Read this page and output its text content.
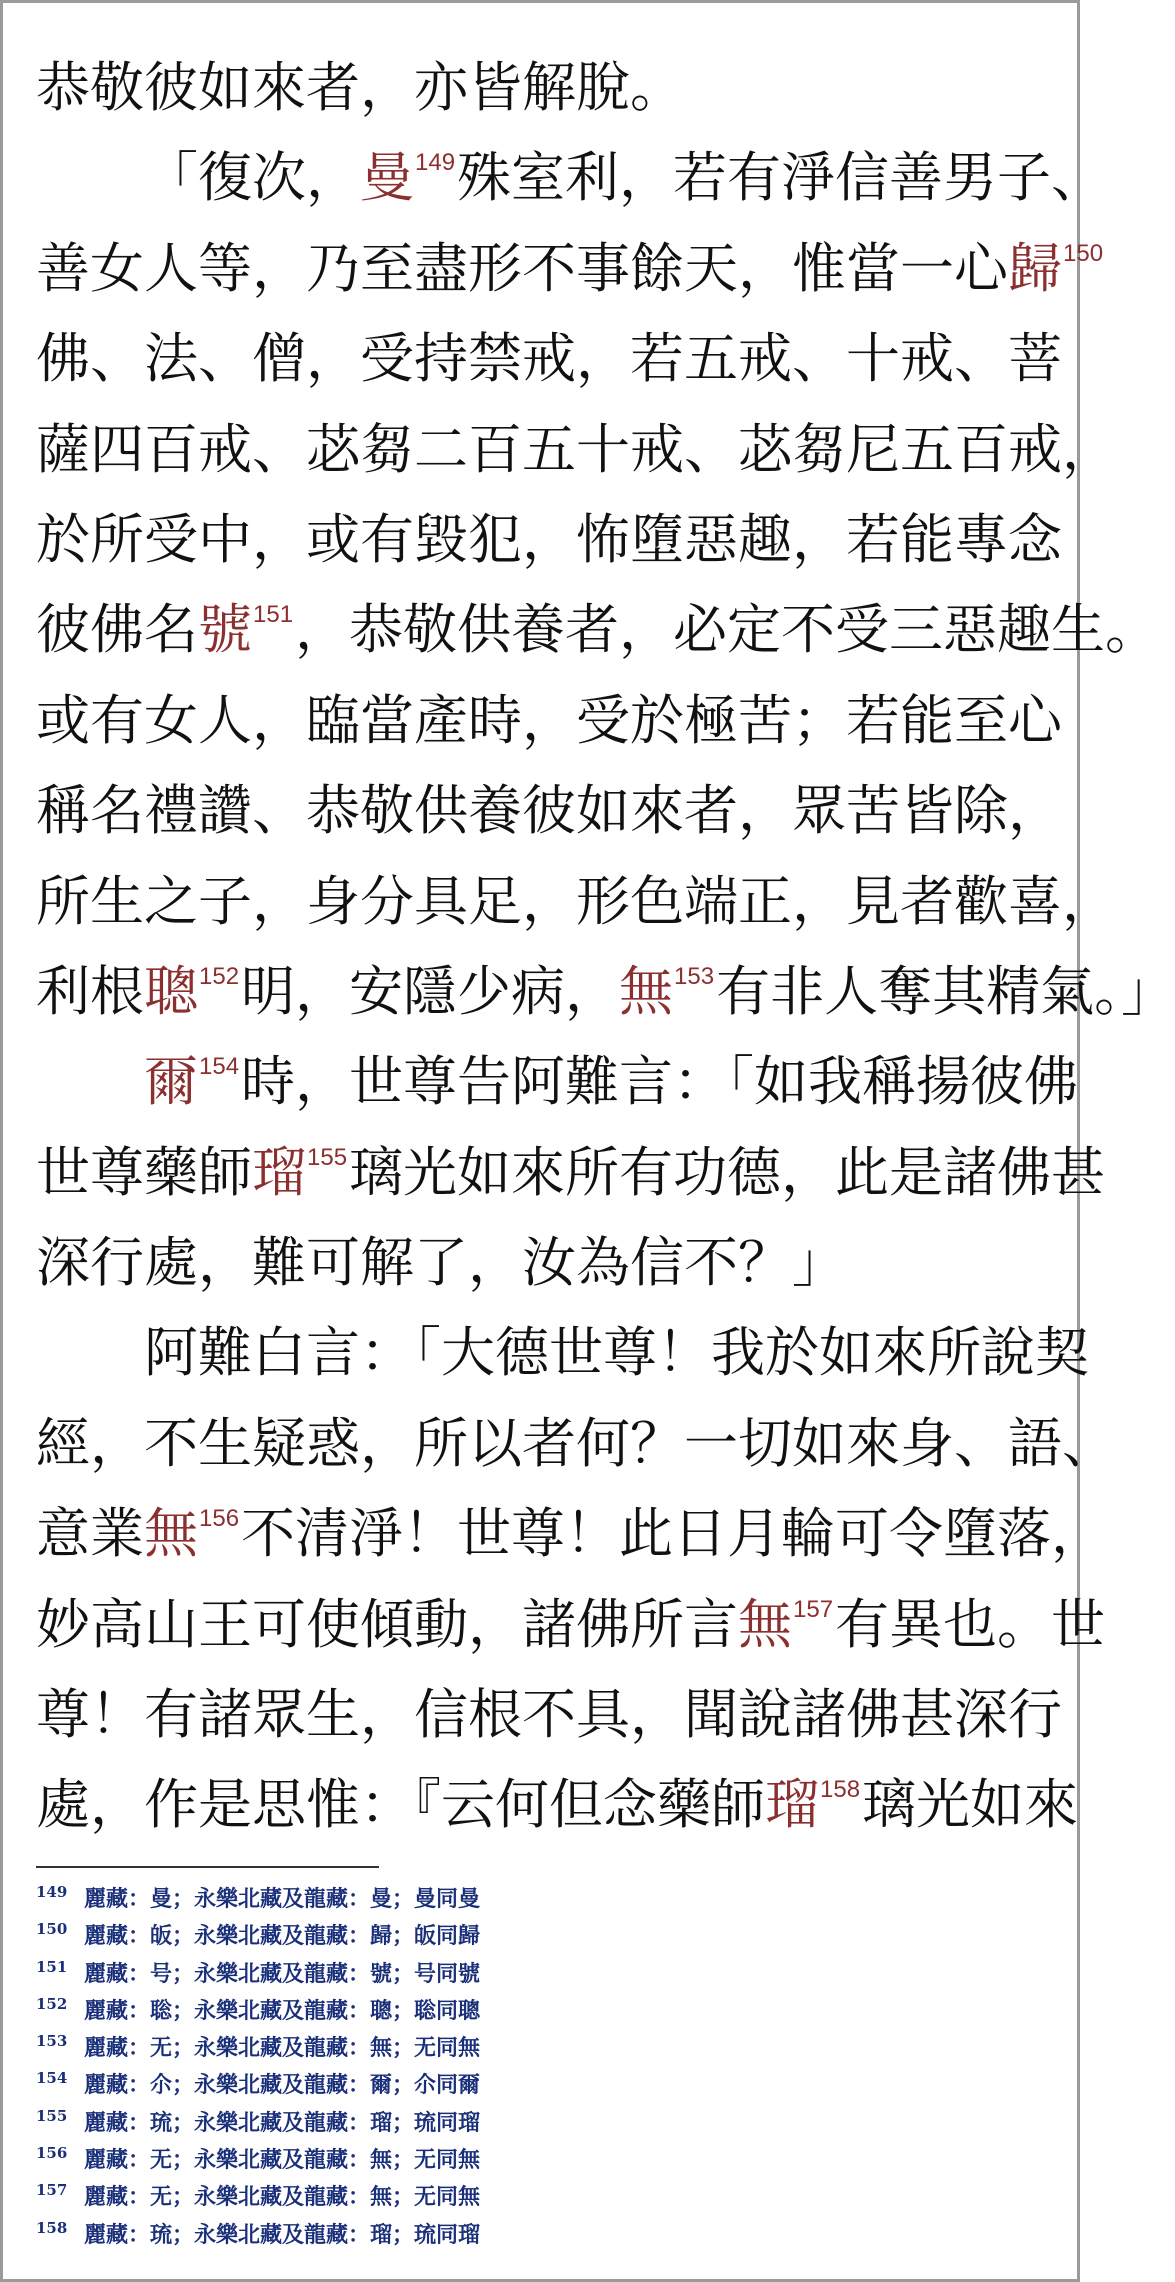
恭敬彼如來者，亦皆解脫。
「復次，曼$^{149}$殊室利，若有淨信善男子、
善女人等，乃至盡形不事餘天，惟當一心歸$^{150}$
佛、法、僧，受持禁戒，若五戒、十戒、菩
薩四百戒、苾芻二百五十戒、苾芻尼五百戒，
於所受中，或有毀犯，怖墮惡趣，若能專念
彼佛名號$^{151}$，恭敬供養者，必定不受三惡趣生。
或有女人，臨當產時，受於極苦；若能至心
稱名禮讚、恭敬供養彼如來者，眾苦皆除，
所生之子，身分具足，形色端正，見者歡喜，
利根聰$^{152}$明，安隱少病，無$^{153}$有非人奪其精氣。」
爾$^{154}$時，世尊告阿難言：「如我稱揚彼佛
世尊藥師瑠$^{155}$璃光如來所有功德，此是諸佛甚
深行處，難可解了，汝為信不？」
阿難白言：「大德世尊！我於如來所說契
經，不生疑惑，所以者何？一切如來身、語、
意業無$^{156}$不清淨！世尊！此日月輪可令墮落，
妙高山王可使傾動，諸佛所言無$^{157}$有異也。世
尊！有諸眾生，信根不具，聞說諸佛甚深行
處，作是思惟：『云何但念藥師瑠$^{158}$璃光如來
149 麗藏：曼；永樂北藏及龍藏：曼；曼同曼
150 麗藏：皈；永樂北藏及龍藏：歸；皈同歸
151 麗藏：号；永樂北藏及龍藏：號；号同號
152 麗藏：聡；永樂北藏及龍藏：聰；聡同聰
153 麗藏：无；永樂北藏及龍藏：無；无同無
154 麗藏：尒；永樂北藏及龍藏：爾；尒同爾
155 麗藏：琉；永樂北藏及龍藏：瑠；琉同瑠
156 麗藏：无；永樂北藏及龍藏：無；无同無
157 麗藏：无；永樂北藏及龍藏：無；无同無
158 麗藏：琉；永樂北藏及龍藏：瑠；琉同瑠
